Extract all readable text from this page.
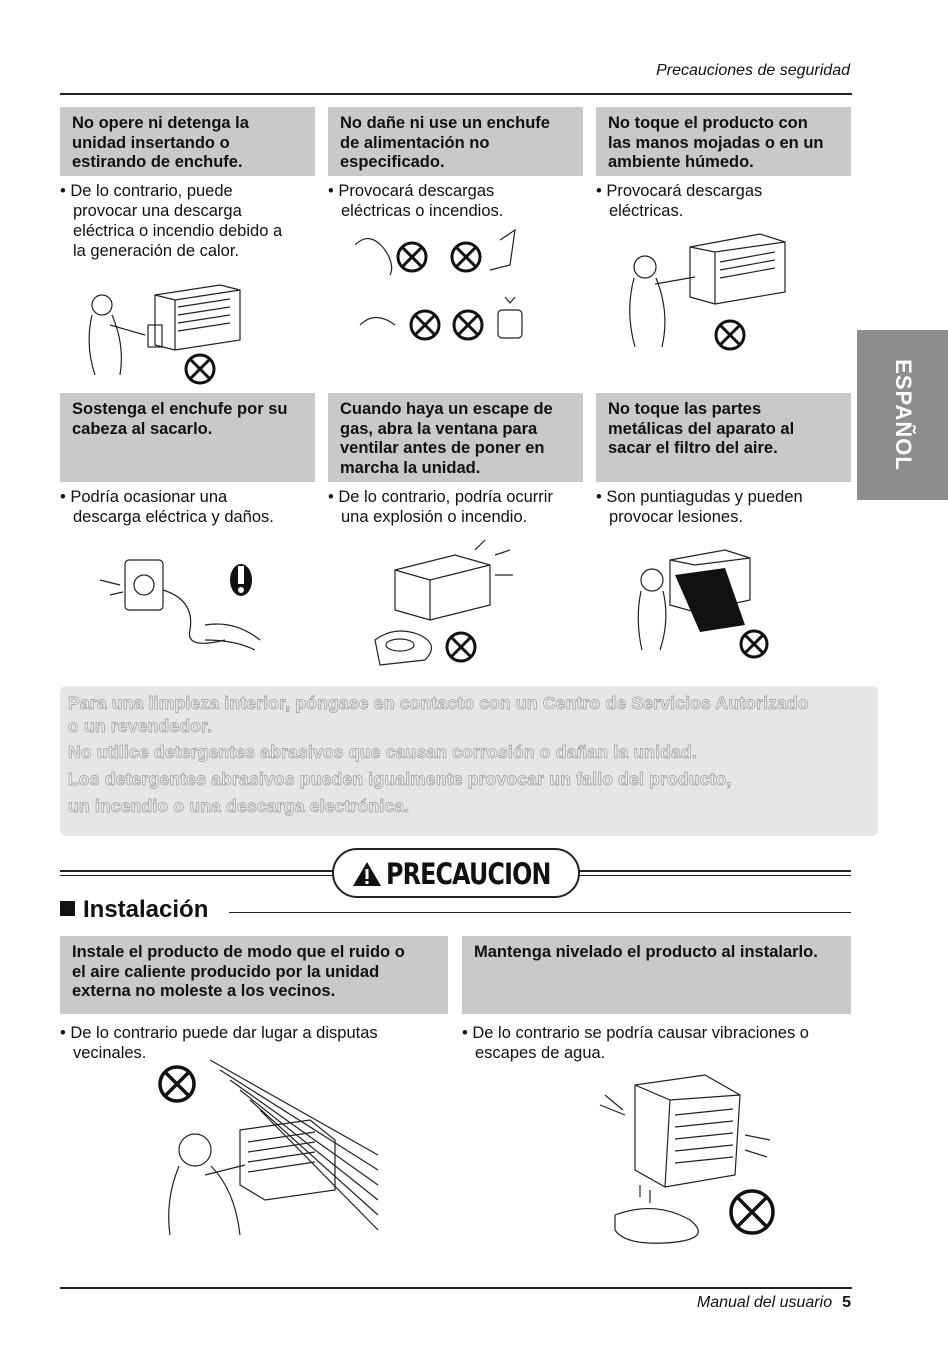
Precauciones de seguridad
ESPAÑOL
No opere ni detenga la
unidad insertando o
estirando de enchufe.
No dañe ni use un enchufe
de alimentación no
especificado.
No toque el producto con
las manos mojadas o en un
ambiente húmedo.
• De lo contrario, puede
provocar una descarga
eléctrica o incendio debido a
la generación de calor.
• Provocará descargas
eléctricas o incendios.
• Provocará descargas
eléctricas.
Sostenga el enchufe por su
cabeza al sacarlo.
Cuando haya un escape de
gas, abra la ventana para
ventilar antes de poner en
marcha la unidad.
No toque las partes
metálicas del aparato al
sacar el filtro del aire.
• Podría ocasionar una
descarga eléctrica y daños.
• De lo contrario, podría ocurrir
una explosión o incendio.
• Son puntiagudas y pueden
provocar lesiones.

Para una limpieza interior, póngase en contacto con un Centro de Servicios Autorizado

o un revendedor.

No utilice detergentes abrasivos que causan corrosión o dañan la unidad.

Los detergentes abrasivos pueden igualmente provocar un fallo del producto,

un incendio o una descarga electrónica.

PRECAUCION
Instalación
Instale el producto de modo que el ruido o
el aire caliente producido por la unidad
externa no moleste a los vecinos.
Mantenga nivelado el producto al instalarlo.
• De lo contrario puede dar lugar a disputas
vecinales.
• De lo contrario se podría causar vibraciones o
escapes de agua.
Manual del usuario 5
